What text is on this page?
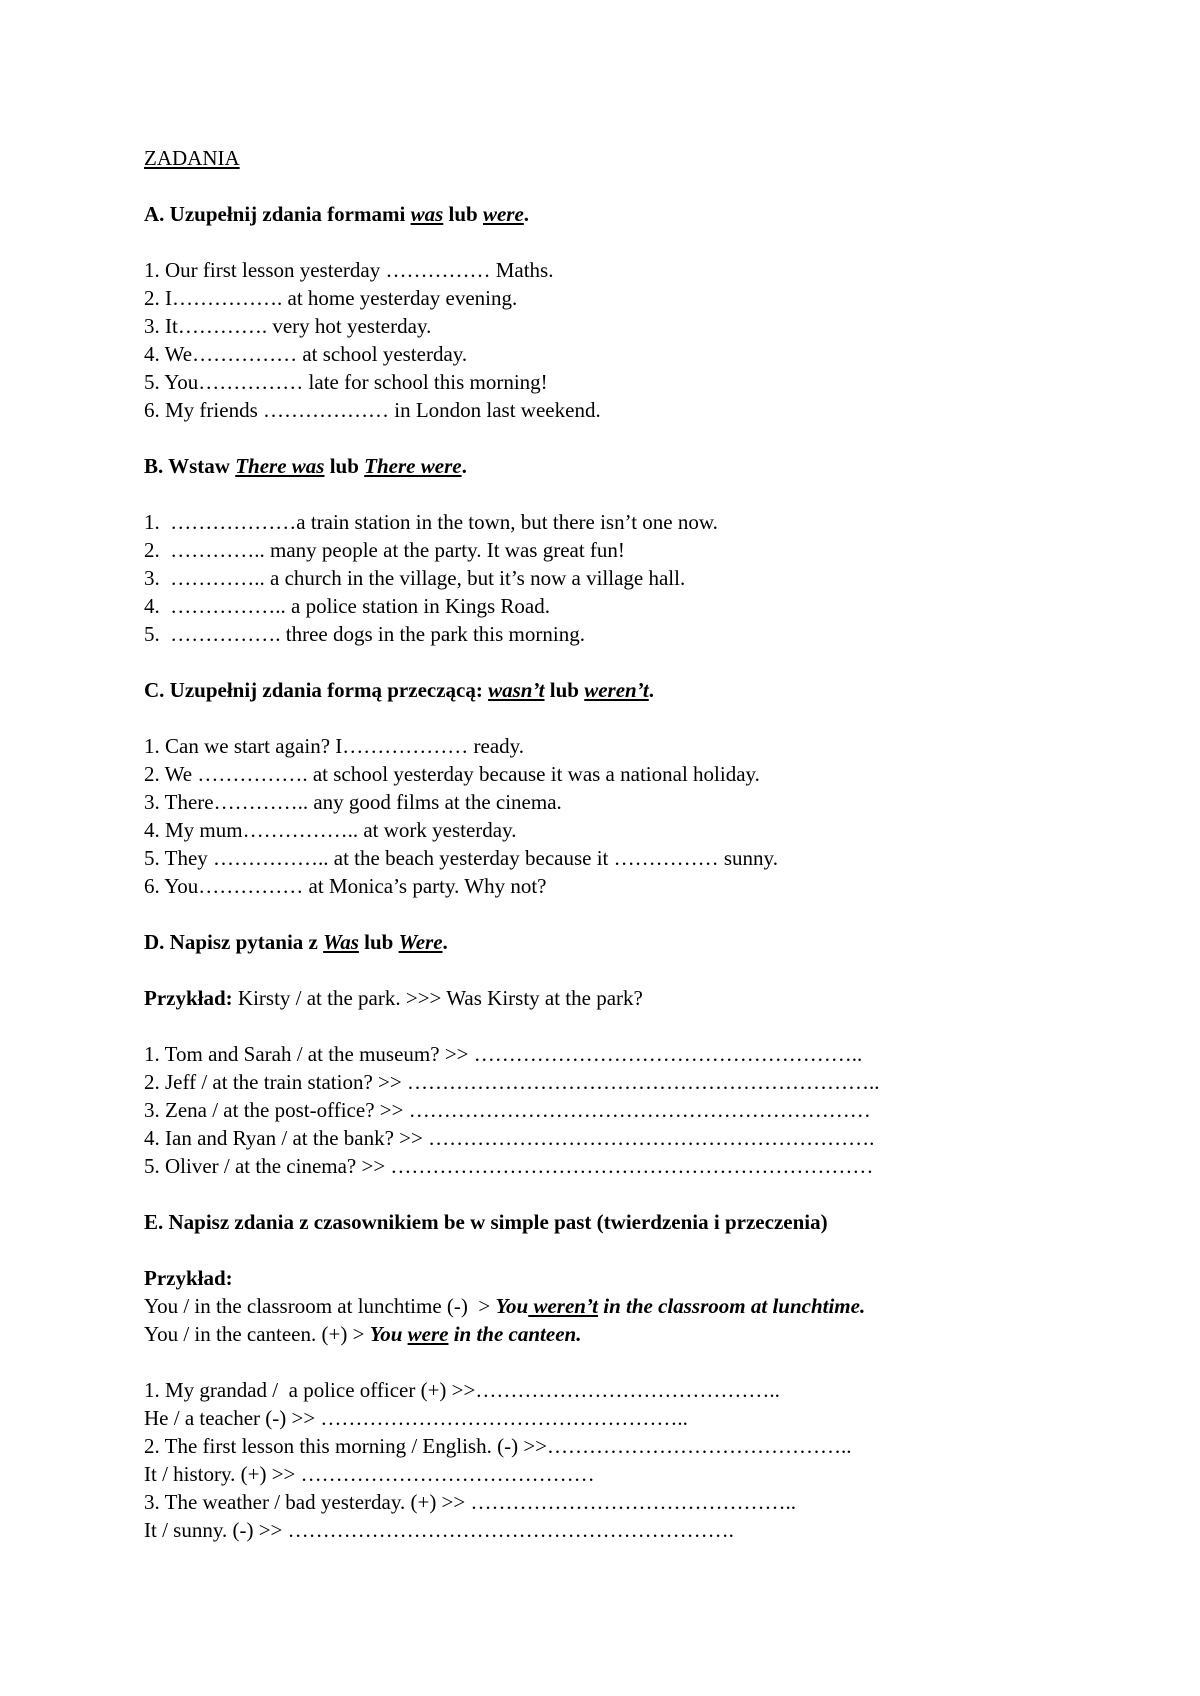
ZADANIA
A. Uzupełnij zdania formami was lub were.
1. Our first lesson yesterday …………… Maths.
2. I……………. at home yesterday evening.
3. It…………. very hot yesterday.
4. We…………… at school yesterday.
5. You…………… late for school this morning!
6. My friends ……………… in London last weekend.
B. Wstaw There was lub There were.
1.  ………………a train station in the town, but there isn’t one now.
2.  ………….. many people at the party. It was great fun!
3.  ………….. a church in the village, but it’s now a village hall.
4.  …………….. a police station in Kings Road.
5.  ……………. three dogs in the park this morning.
C. Uzupełnij zdania formą przeczącą: wasn’t lub weren’t.
1. Can we start again? I……………… ready.
2. We ……………. at school yesterday because it was a national holiday.
3. There………….. any good films at the cinema.
4. My mum…………….. at work yesterday.
5. They …………….. at the beach yesterday because it …………… sunny.
6. You…………… at Monica’s party. Why not?
D. Napisz pytania z Was lub Were.
Przykład: Kirsty / at the park. >>> Was Kirsty at the park?
1. Tom and Sarah / at the museum? >> ………………………………………………..
2. Jeff / at the train station? >> …………………………………………………………..
3. Zena / at the post-office? >> …………………………………………………………
4. Ian and Ryan / at the bank? >> ……………………………………………………….
5. Oliver / at the cinema? >> ……………………………………………………………
E. Napisz zdania z czasownikiem be w simple past (twierdzenia i przeczenia)
Przykład:
You / in the classroom at lunchtime (-)  > You weren’t in the classroom at lunchtime.
You / in the canteen. (+) > You were in the canteen.
1. My grandad /  a police officer (+) >>……………………………………..
He / a teacher (-) >> ……………………………………………..
2. The first lesson this morning / English. (-) >>……………………………………..
It / history. (+) >> ……………………………………
3. The weather / bad yesterday. (+) >> ………………………………………..
It / sunny. (-) >> ……………………………………………………….
